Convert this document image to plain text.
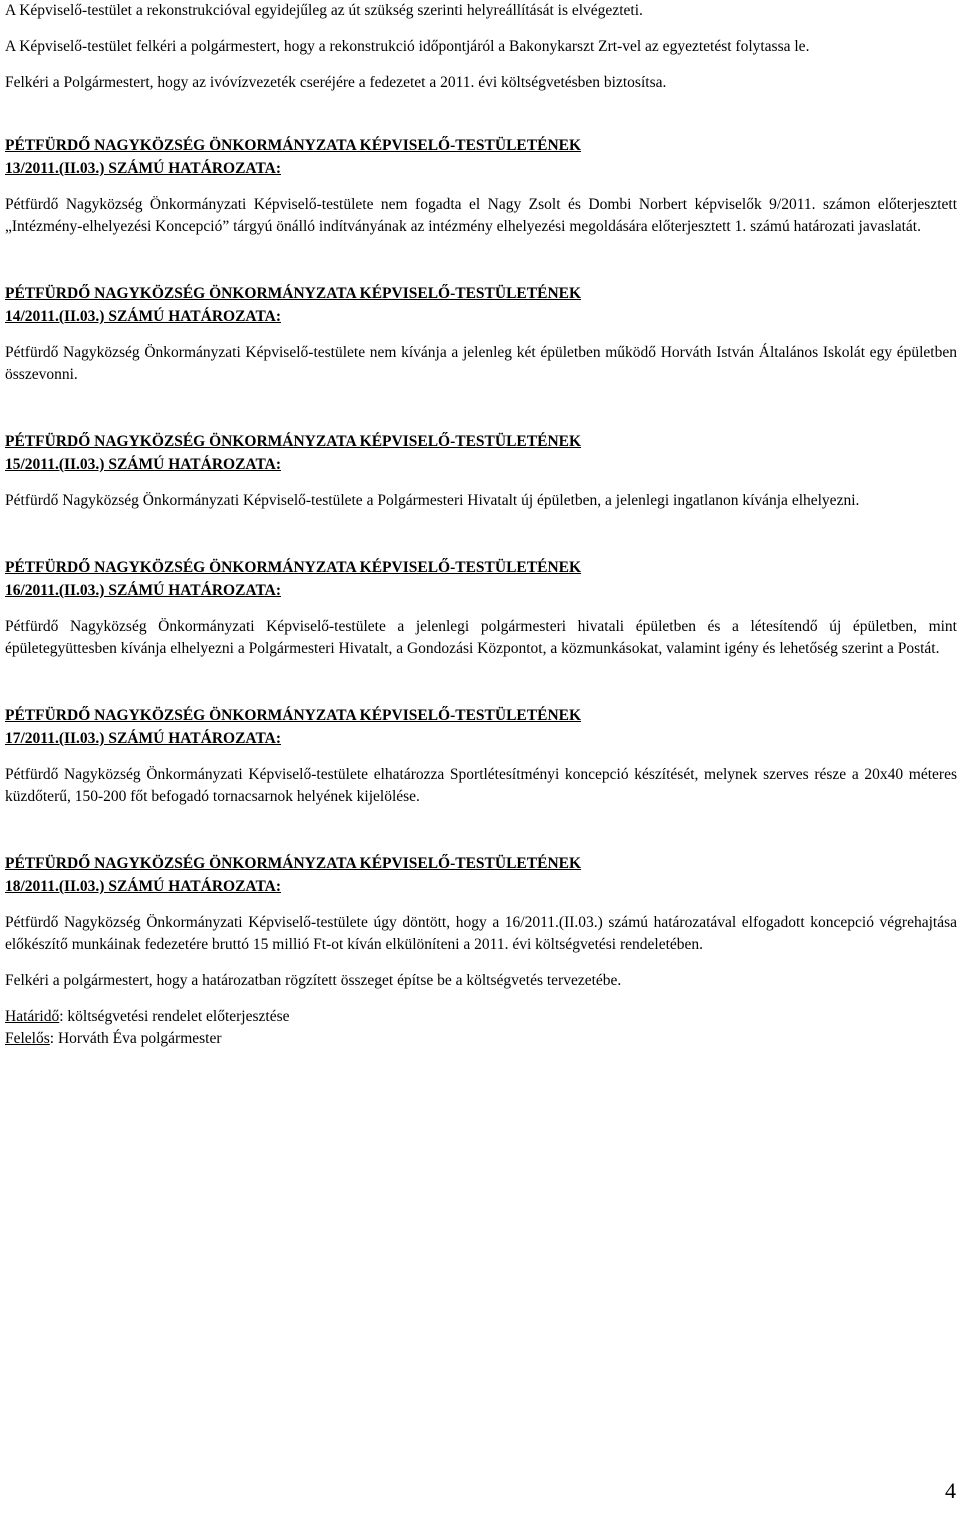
A Képviselő-testület a rekonstrukcióval egyidejűleg az út szükség szerinti helyreállítását is elvégezteti.

A Képviselő-testület felkéri a polgármestert, hogy a rekonstrukció időpontjáról a Bakonykarszt Zrt-vel az egyeztetést folytassa le.

Felkéri a Polgármestert, hogy az ivóvízvezeték cseréjére a fedezetet a 2011. évi költségvetésben biztosítsa.

PÉTFÜRDŐ NAGYKÖZSÉG ÖNKORMÁNYZATA KÉPVISELŐ-TESTÜLETÉNEK
13/2011.(II.03.) SZÁMÚ HATÁROZATA:

Pétfürdő Nagyközség Önkormányzati Képviselő-testülete nem fogadta el Nagy Zsolt és Dombi Norbert képviselők 9/2011. számon előterjesztett „Intézmény-elhelyezési Koncepció” tárgyú önálló indítványának az intézmény elhelyezési megoldására előterjesztett 1. számú határozati javaslatát.

PÉTFÜRDŐ NAGYKÖZSÉG ÖNKORMÁNYZATA KÉPVISELŐ-TESTÜLETÉNEK
14/2011.(II.03.) SZÁMÚ HATÁROZATA:

Pétfürdő Nagyközség Önkormányzati Képviselő-testülete nem kívánja a jelenleg két épületben működő Horváth István Általános Iskolát egy épületben összevonni.

PÉTFÜRDŐ NAGYKÖZSÉG ÖNKORMÁNYZATA KÉPVISELŐ-TESTÜLETÉNEK
15/2011.(II.03.) SZÁMÚ HATÁROZATA:

Pétfürdő Nagyközség Önkormányzati Képviselő-testülete a Polgármesteri Hivatalt új épületben, a jelenlegi ingatlanon kívánja elhelyezni.

PÉTFÜRDŐ NAGYKÖZSÉG ÖNKORMÁNYZATA KÉPVISELŐ-TESTÜLETÉNEK
16/2011.(II.03.) SZÁMÚ HATÁROZATA:

Pétfürdő Nagyközség Önkormányzati Képviselő-testülete a jelenlegi polgármesteri hivatali épületben és a létesítendő új épületben, mint épületegyüttesben kívánja elhelyezni a Polgármesteri Hivatalt, a Gondozási Központot, a közmunkásokat, valamint igény és lehetőség szerint a Postát.

PÉTFÜRDŐ NAGYKÖZSÉG ÖNKORMÁNYZATA KÉPVISELŐ-TESTÜLETÉNEK
17/2011.(II.03.) SZÁMÚ HATÁROZATA:

Pétfürdő Nagyközség Önkormányzati Képviselő-testülete elhatározza Sportlétesítményi koncepció készítését, melynek szerves része a 20x40 méteres küzdőterű, 150-200 főt befogadó tornacsarnok helyének kijelölése.

PÉTFÜRDŐ NAGYKÖZSÉG ÖNKORMÁNYZATA KÉPVISELŐ-TESTÜLETÉNEK
18/2011.(II.03.) SZÁMÚ HATÁROZATA:

Pétfürdő Nagyközség Önkormányzati Képviselő-testülete úgy döntött, hogy a 16/2011.(II.03.) számú határozatával elfogadott koncepció végrehajtása előkészítő munkáinak fedezetére bruttó 15 millió Ft-ot kíván elkülöníteni a 2011. évi költségvetési rendeletében.

Felkéri a polgármestert, hogy a határozatban rögzített összeget építse be a költségvetés tervezetébe.

Határidő: költségvetési rendelet előterjesztése
Felelős: Horváth Éva polgármester
4
